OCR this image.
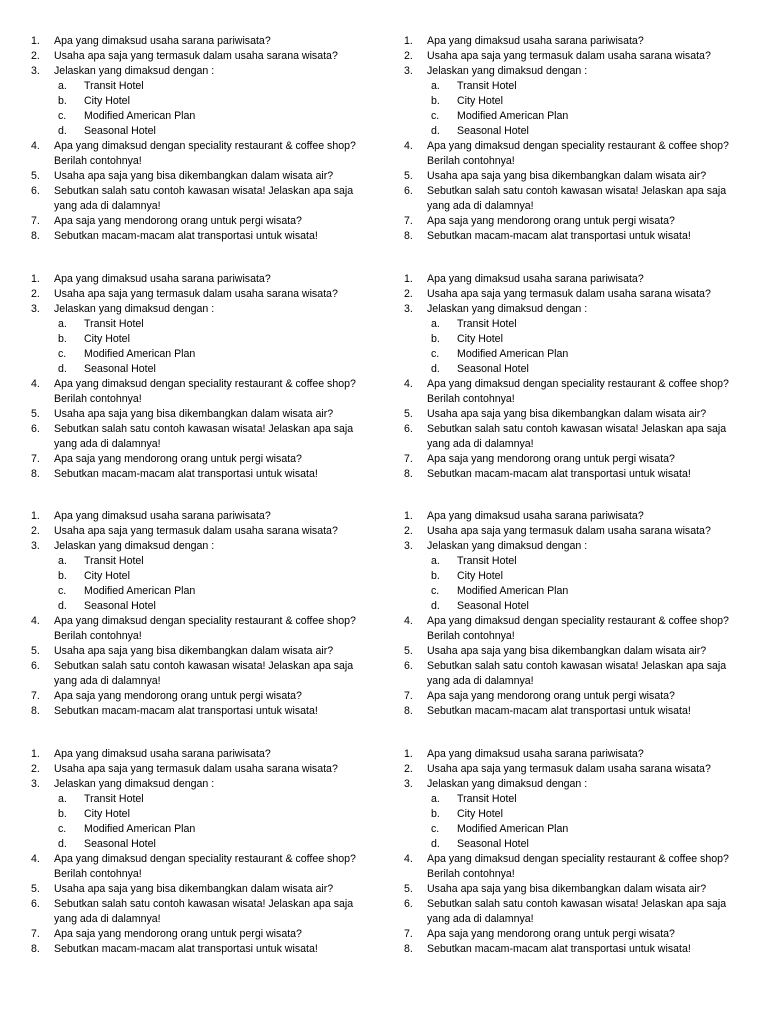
1. Apa yang dimaksud usaha sarana pariwisata?
2. Usaha apa saja yang termasuk dalam usaha sarana wisata?
3. Jelaskan yang dimaksud dengan :
a. Transit Hotel
b. City Hotel
c. Modified American Plan
d. Seasonal Hotel
4. Apa yang dimaksud dengan speciality restaurant & coffee shop? Berilah contohnya!
5. Usaha apa saja yang bisa dikembangkan dalam wisata air?
6. Sebutkan salah satu contoh kawasan wisata! Jelaskan apa saja yang ada di dalamnya!
7. Apa saja yang mendorong orang untuk pergi wisata?
8. Sebutkan macam-macam alat transportasi untuk wisata!
1. Apa yang dimaksud usaha sarana pariwisata?
2. Usaha apa saja yang termasuk dalam usaha sarana wisata?
3. Jelaskan yang dimaksud dengan :
a. Transit Hotel
b. City Hotel
c. Modified American Plan
d. Seasonal Hotel
4. Apa yang dimaksud dengan speciality restaurant & coffee shop? Berilah contohnya!
5. Usaha apa saja yang bisa dikembangkan dalam wisata air?
6. Sebutkan salah satu contoh kawasan wisata! Jelaskan apa saja yang ada di dalamnya!
7. Apa saja yang mendorong orang untuk pergi wisata?
8. Sebutkan macam-macam alat transportasi untuk wisata!
1. Apa yang dimaksud usaha sarana pariwisata?
2. Usaha apa saja yang termasuk dalam usaha sarana wisata?
3. Jelaskan yang dimaksud dengan :
a. Transit Hotel
b. City Hotel
c. Modified American Plan
d. Seasonal Hotel
4. Apa yang dimaksud dengan speciality restaurant & coffee shop? Berilah contohnya!
5. Usaha apa saja yang bisa dikembangkan dalam wisata air?
6. Sebutkan salah satu contoh kawasan wisata! Jelaskan apa saja yang ada di dalamnya!
7. Apa saja yang mendorong orang untuk pergi wisata?
8. Sebutkan macam-macam alat transportasi untuk wisata!
1. Apa yang dimaksud usaha sarana pariwisata?
2. Usaha apa saja yang termasuk dalam usaha sarana wisata?
3. Jelaskan yang dimaksud dengan :
a. Transit Hotel
b. City Hotel
c. Modified American Plan
d. Seasonal Hotel
4. Apa yang dimaksud dengan speciality restaurant & coffee shop? Berilah contohnya!
5. Usaha apa saja yang bisa dikembangkan dalam wisata air?
6. Sebutkan salah satu contoh kawasan wisata! Jelaskan apa saja yang ada di dalamnya!
7. Apa saja yang mendorong orang untuk pergi wisata?
8. Sebutkan macam-macam alat transportasi untuk wisata!
1. Apa yang dimaksud usaha sarana pariwisata?
2. Usaha apa saja yang termasuk dalam usaha sarana wisata?
3. Jelaskan yang dimaksud dengan :
a. Transit Hotel
b. City Hotel
c. Modified American Plan
d. Seasonal Hotel
4. Apa yang dimaksud dengan speciality restaurant & coffee shop? Berilah contohnya!
5. Usaha apa saja yang bisa dikembangkan dalam wisata air?
6. Sebutkan salah satu contoh kawasan wisata! Jelaskan apa saja yang ada di dalamnya!
7. Apa saja yang mendorong orang untuk pergi wisata?
8. Sebutkan macam-macam alat transportasi untuk wisata!
1. Apa yang dimaksud usaha sarana pariwisata?
2. Usaha apa saja yang termasuk dalam usaha sarana wisata?
3. Jelaskan yang dimaksud dengan :
a. Transit Hotel
b. City Hotel
c. Modified American Plan
d. Seasonal Hotel
4. Apa yang dimaksud dengan speciality restaurant & coffee shop? Berilah contohnya!
5. Usaha apa saja yang bisa dikembangkan dalam wisata air?
6. Sebutkan salah satu contoh kawasan wisata! Jelaskan apa saja yang ada di dalamnya!
7. Apa saja yang mendorong orang untuk pergi wisata?
8. Sebutkan macam-macam alat transportasi untuk wisata!
1. Apa yang dimaksud usaha sarana pariwisata?
2. Usaha apa saja yang termasuk dalam usaha sarana wisata?
3. Jelaskan yang dimaksud dengan :
a. Transit Hotel
b. City Hotel
c. Modified American Plan
d. Seasonal Hotel
4. Apa yang dimaksud dengan speciality restaurant & coffee shop? Berilah contohnya!
5. Usaha apa saja yang bisa dikembangkan dalam wisata air?
6. Sebutkan salah satu contoh kawasan wisata! Jelaskan apa saja yang ada di dalamnya!
7. Apa saja yang mendorong orang untuk pergi wisata?
8. Sebutkan macam-macam alat transportasi untuk wisata!
1. Apa yang dimaksud usaha sarana pariwisata?
2. Usaha apa saja yang termasuk dalam usaha sarana wisata?
3. Jelaskan yang dimaksud dengan :
a. Transit Hotel
b. City Hotel
c. Modified American Plan
d. Seasonal Hotel
4. Apa yang dimaksud dengan speciality restaurant & coffee shop? Berilah contohnya!
5. Usaha apa saja yang bisa dikembangkan dalam wisata air?
6. Sebutkan salah satu contoh kawasan wisata! Jelaskan apa saja yang ada di dalamnya!
7. Apa saja yang mendorong orang untuk pergi wisata?
8. Sebutkan macam-macam alat transportasi untuk wisata!
